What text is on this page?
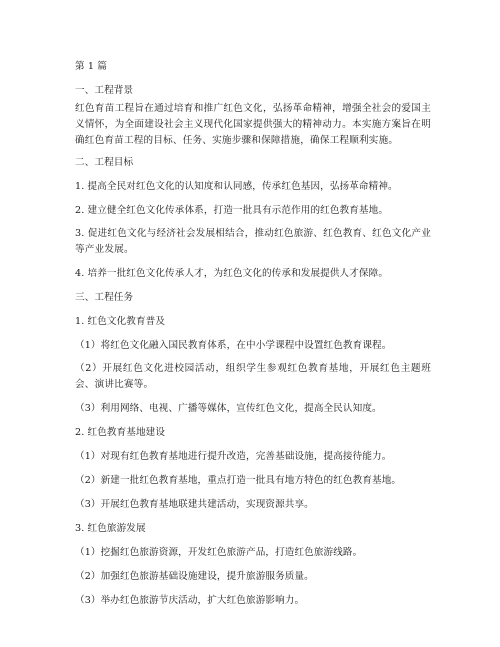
第 1 篇

一、工程背景

红色育苗工程旨在通过培育和推广红色文化，弘扬革命精神，增强全社会的爱国主义情怀，为全面建设社会主义现代化国家提供强大的精神动力。本实施方案旨在明确红色育苗工程的目标、任务、实施步骤和保障措施，确保工程顺利实施。

二、工程目标

1. 提高全民对红色文化的认知度和认同感，传承红色基因，弘扬革命精神。

2. 建立健全红色文化传承体系，打造一批具有示范作用的红色教育基地。

3. 促进红色文化与经济社会发展相结合，推动红色旅游、红色教育、红色文化产业等产业发展。

4. 培养一批红色文化传承人才，为红色文化的传承和发展提供人才保障。

三、工程任务

1. 红色文化教育普及

（1）将红色文化融入国民教育体系，在中小学课程中设置红色教育课程。

（2）开展红色文化进校园活动，组织学生参观红色教育基地，开展红色主题班会、演讲比赛等。

（3）利用网络、电视、广播等媒体，宣传红色文化，提高全民认知度。

2. 红色教育基地建设

（1）对现有红色教育基地进行提升改造，完善基础设施，提高接待能力。

（2）新建一批红色教育基地，重点打造一批具有地方特色的红色教育基地。

（3）开展红色教育基地联建共建活动，实现资源共享。

3. 红色旅游发展

（1）挖掘红色旅游资源，开发红色旅游产品，打造红色旅游线路。

（2）加强红色旅游基础设施建设，提升旅游服务质量。

（3）举办红色旅游节庆活动，扩大红色旅游影响力。
